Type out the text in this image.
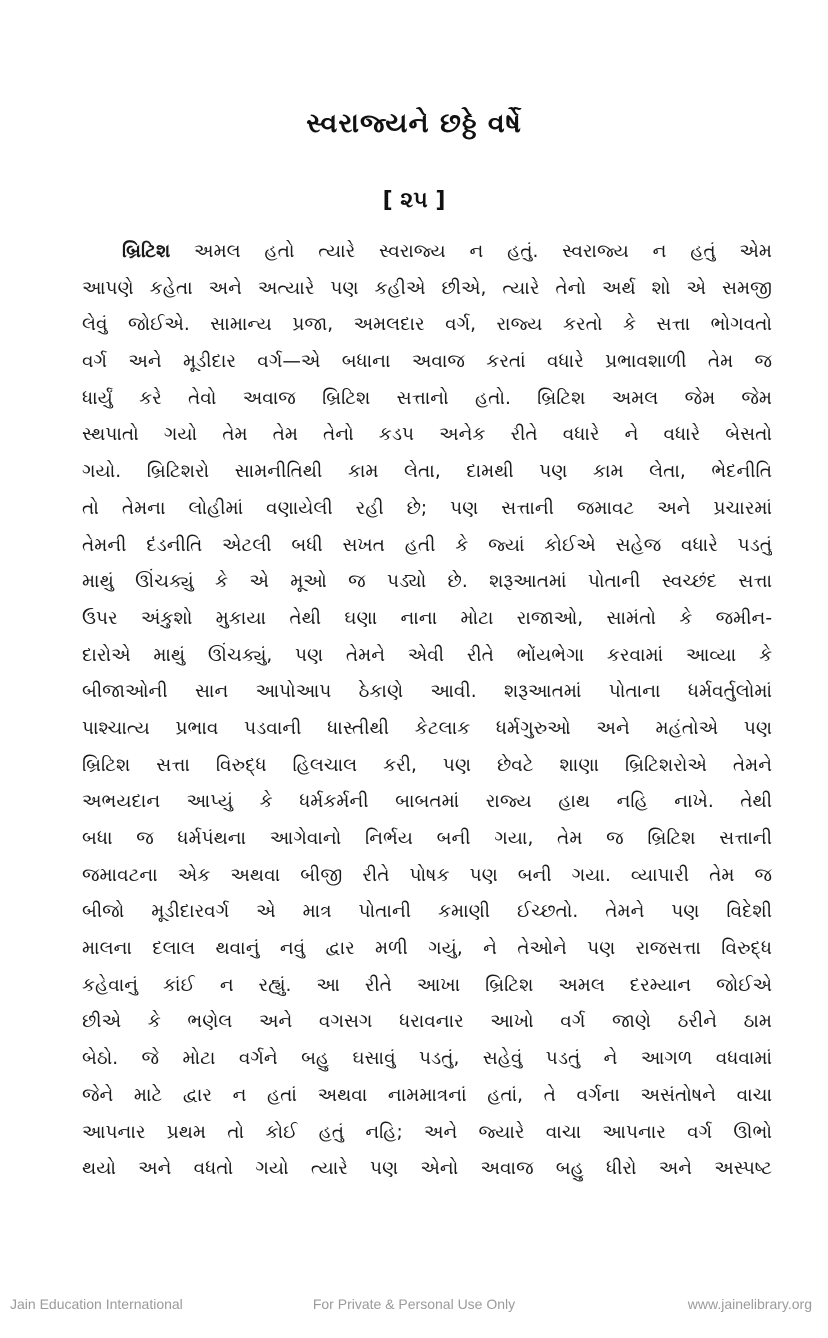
સ્વરાજ્યને છઠ્ઠે વર્ષે
[ ૨૫ ]
બ્રિટિશ અમલ હતો ત્યારે સ્વરાજ્ય ન હતું. સ્વરાજ્ય ન હતું એમ
આપણે કહેતા અને અત્યારે પણ કહીએ છીએ, ત્યારે તેનો અર્થ શો એ સમજી
લેવું જોઈએ. સામાન્ય પ્રજા, અમલદાર વર્ગ, રાજ્ય કરતો કે સત્તા ભોગવતો
વર્ગ અને મૂડીદાર વર્ગ—એ બધાના અવાજ કરતાં વધારે પ્રભાવશાળી તેમ જ
ધાર્યું કરે તેવો અવાજ બ્રિટિશ સત્તાનો હતો. બ્રિટિશ અમલ જેમ જેમ
સ્થપાતો ગયો તેમ તેમ તેનો કડપ અનેક રીતે વધારે ને વધારે બેસતો
ગયો. બ્રિટિશરો સામનીતિથી કામ લેતા, દામથી પણ કામ લેતા, ભેદનીતિ
તો તેમના લોહીમાં વણાયેલી રહી છે; પણ સત્તાની જમાવટ અને પ્રચારમાં
તેમની દંડનીતિ એટલી બધી સખત હતી કે જ્યાં કોઈએ સહેજ વધારે પડતું
માથું ઊંચક્યું કે એ મૂઓ જ પડ્યો છે. શરૂઆતમાં પોતાની સ્વચ્છંદ સત્તા
ઉપર અંકુશો મુકાયા તેથી ઘણા નાના મોટા રાજાઓ, સામંતો કે જમીન-
દારોએ માથું ઊંચક્યું, પણ તેમને એવી રીતે ભોંયભેગા કરવામાં આવ્યા કે
બીજાઓની સાન આપોઆપ ઠેકાણે આવી. શરૂઆતમાં પોતાના ધર્મવર્તુલોમાં
પાશ્ચાત્ય પ્રભાવ પડવાની ધાસ્તીથી કેટલાક ધર્મગુરુઓ અને મહંતોએ પણ
બ્રિટિશ સત્તા વિરુદ્ધ હિલચાલ કરી, પણ છેવટે શાણા બ્રિટિશરોએ તેમને
અભયદાન આપ્યું કે ધર્મકર્મની બાબતમાં રાજ્ય હાથ નહિ નાખે. તેથી
બધા જ ધર્મપંથના આગેવાનો નિર્ભય બની ગયા, તેમ જ બ્રિટિશ સત્તાની
જમાવટના એક અથવા બીજી રીતે પોષક પણ બની ગયા. વ્યાપારી તેમ જ
બીજો મૂડીદારવર્ગ એ માત્ર પોતાની કમાણી ઈચ્છતો. તેમને પણ વિદેશી
માલના દલાલ થવાનું નવું દ્વાર મળી ગયું, ને તેઓને પણ રાજસત્તા વિરુદ્ધ
કહેવાનું કાંઈ ન રહ્યું. આ રીતે આખા બ્રિટિશ અમલ દરમ્યાન જોઈએ
છીએ કે ભણેલ અને વગસગ ધરાવનાર આખો વર્ગ જાણે ઠરીને ઠામ
બેઠો. જે મોટા વર્ગને બહુ ઘસાવું પડતું, સહેવું પડતું ને આગળ વધવામાં
જેને માટે દ્વાર ન હતાં અથવા નામમાત્રનાં હતાં, તે વર્ગના અસંતોષને વાચા
આપનાર પ્રથમ તો કોઈ હતું નહિ; અને જ્યારે વાચા આપનાર વર્ગ ઊભો
થયો અને વધતો ગયો ત્યારે પણ એનો અવાજ બહુ ધીરો અને અસ્પષ્ટ
Jain Education International	For Private & Personal Use Only	www.jainelibrary.org
